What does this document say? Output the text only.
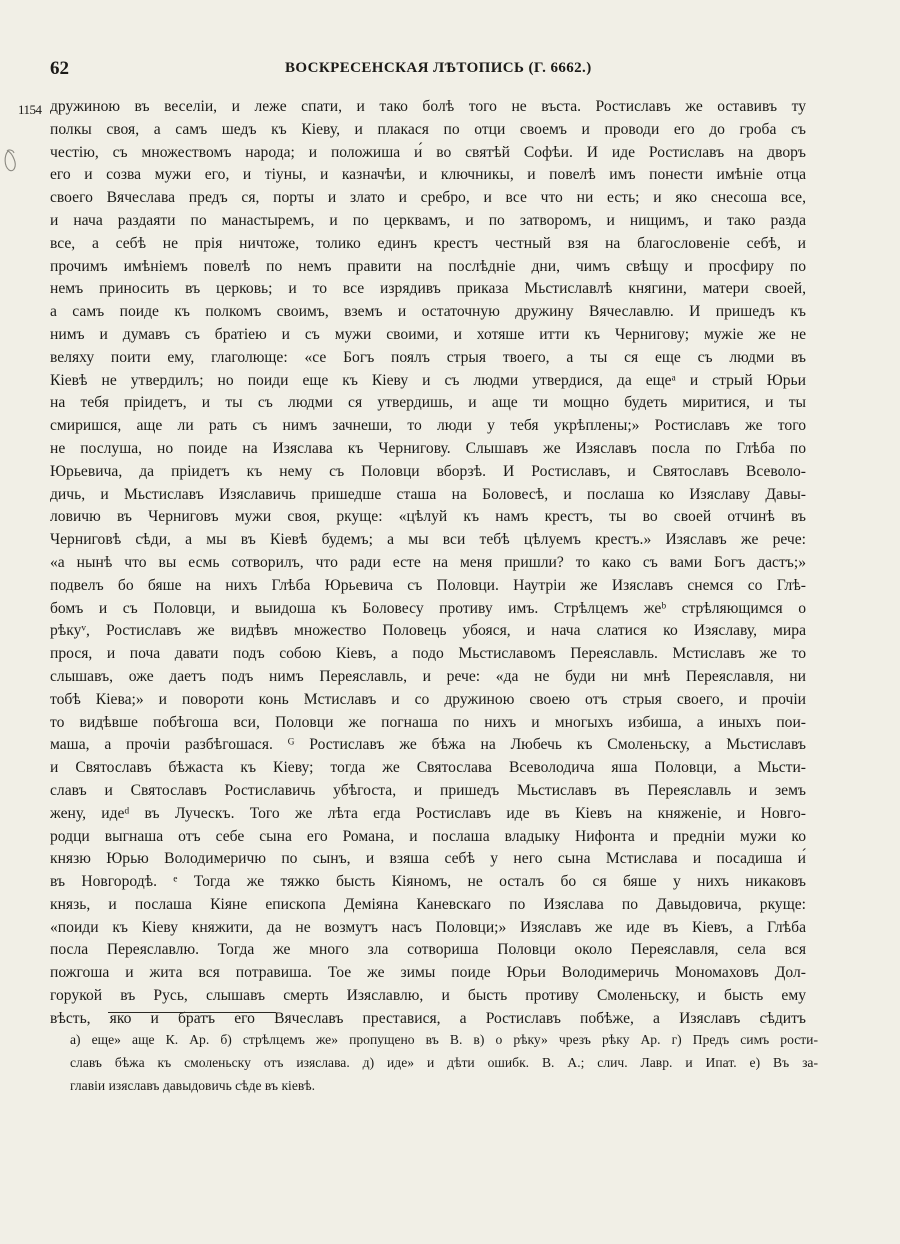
62	ВОСКРЕСЕНСКАЯ ЛѢТОПИСЬ (Г. 6662.)
1154 дружиною въ веселіи, и леже спати, и тако болѣ того не въста. Ростиславъ же оставивъ ту
полкы своя, а самъ шедъ къ Кіеву, и плакася по отци своемъ и проводи его до гроба съ
честію, съ множествомъ народа; и положиша и́ во святѣй Софѣи. И иде Ростиславъ на дворъ
его и созва мужи его, и тіуны, и казначѣи, и ключникы, и повелѣ имъ понести имѣніе отца
своего Вячеслава предъ ся, порты и злато и сребро, и все что ни есть; и яко снесоша все,
и нача раздаяти по манастыремъ, и по церквамъ, и по затворомъ, и нищимъ, и тако разда
все, а себѣ не прія ничтоже, толико единъ крестъ честный взя на благословеніе себѣ, и
прочимъ имѣніемъ повелѣ по немъ правити на послѣдніе дни, чимъ свѣщу и просфиру по
немъ приносить въ церковь; и то все изрядивъ приказа Мьстиславлѣ княгини, матери своей,
а самъ поиде къ полкомъ своимъ, вземъ и остаточную дружину Вячеславлю. И пришедъ къ
нимъ и думавъ съ братіею и съ мужи своими, и хотяше итти къ Чернигову; мужіе же не
веляху поити ему, глаголюще: «се Богъ поялъ стрыя твоего, а ты ся еще съ людми въ
Кіевѣ не утвердилъ; но поиди еще къ Кіеву и съ людми утвердися, да ещеᵃ и стрый Юрьи
на тебя пріидетъ, и ты съ людми ся утвердишь, и аще ти мощно будеть миритися, и ты
смиришся, аще ли рать съ нимъ зачнеши, то люди у тебя укрѣплены;» Ростиславъ же того
не послуша, но поиде на Изяслава къ Чернигову. Слышавъ же Изяславъ посла по Глѣба по
Юрьевича, да пріидетъ къ нему съ Половци вборзѣ. И Ростиславъ, и Святославъ Всеволо-
дичь, и Мьстиславъ Изяславичь пришедше сташа на Боловесѣ, и послаша ко Изяславу Давы-
ловичю въ Черниговъ мужи своя, ркуще: «цѣлуй къ намъ крестъ, ты во своей отчинѣ въ
Черниговѣ сѣди, а мы въ Кіевѣ будемъ; а мы вси тебѣ цѣлуемъ крестъ.» Изяславъ же рече:
«а нынѣ что вы есмь сотворилъ, что ради есте на меня пришли? то како съ вами Богъ дастъ;»
подвелъ бо бяше на нихъ Глѣба Юрьевича съ Половци. Наутріи же Изяславъ снемся со Глѣ-
бомъ и съ Половци, и выидоша къ Боловесу противу имъ. Стрѣлцемъ жеᵇ стрѣляющимся о
рѣкуᵛ, Ростиславъ же видѣвъ множество Половець убояся, и нача слатися ко Изяславу, мира
прося, и поча давати подъ собою Кіевъ, а подо Мьстиславомъ Переяславль. Мстиславъ же то
слышавъ, оже даетъ подъ нимъ Переяславль, и рече: «да не буди ни мнѣ Переяславля, ни
тобѣ Кіева;» и повороти конь Мстиславъ и со дружиною своею отъ стрыя своего, и прочіи
то видѣвше побѣгоша вси, Половци же погнаша по нихъ и многыхъ избиша, а иныхъ пои-
маша, а прочіи разбѣгошася. ᴳ Ростиславъ же бѣжа на Любечь къ Смоленьску, а Мьстиславъ
и Святославъ бѣжаста къ Кіеву; тогда же Святослава Всеволодича яша Половци, а Мьсти-
славъ и Святославъ Ростиславичь убѣгоста, и пришедъ Мьстиславъ въ Переяславль и земъ
жену, идеᵈ въ Луческъ. Того же лѣта егда Ростиславъ иде въ Кіевъ на княженіе, и Новго-
родци выгнаша отъ себе сына его Романа, и послаша владыку Нифонта и предніи мужи ко
князю Юрью Володимеричю по сынъ, и взяша себѣ у него сына Мстислава и посадиша и́
въ Новгородѣ. ᵉ Тогда же тяжко бысть Кіяномъ, не осталъ бо ся бяше у нихъ никаковъ
князь, и послаша Кіяне епископа Деміяна Каневскаго по Изяслава по Давыдовича, ркуще:
«поиди къ Кіеву княжити, да не возмутъ насъ Половци;» Изяславъ же иде въ Кіевъ, а Глѣба
посла Переяславлю. Тогда же много зла сотвориша Половци около Переяславля, села вся
пожгоша и жита вся потравиша. Тое же зимы поиде Юрьи Володимеричь Мономаховъ Дол-
горукой въ Русь, слышавъ смерть Изяславлю, и бысть противу Смоленьску, и бысть ему
вѣсть, яко и братъ его Вячеславъ преставися, а Ростиславъ побѣже, а Изяславъ сѣдитъ
а) еще» аще К. Ар. б) стрѣлцемъ же» пропущено въ В. в) о рѣку» чрезъ рѣку Ар. г) Предъ симъ рости-
славъ бѣжа къ смоленьску отъ изяслава. д) иде» и дѣти ошибк. В. А.; слич. Лавр. и Ипат. е) Въ за-
главіи изяславъ давыдовичь сѣде въ кіевѣ.
